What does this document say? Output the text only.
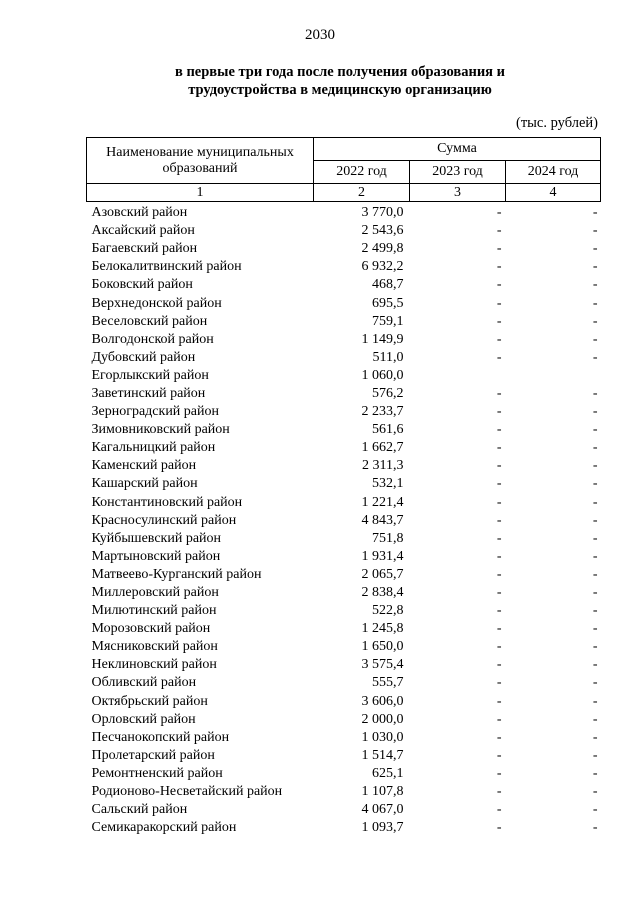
2030
в первые три года после получения образования и
трудоустройства в медицинскую организацию
(тыс. рублей)
Наименование муниципальных образований	Сумма		
	2022 год	2023 год	2024 год
1	2	3	4
Азовский район	3 770,0	-	-
Аксайский район	2 543,6	-	-
Багаевский район	2 499,8	-	-
Белокалитвинский район	6 932,2	-	-
Боковский район	468,7	-	-
Верхнедонской район	695,5	-	-
Веселовский район	759,1	-	-
Волгодонской район	1 149,9	-	-
Дубовский район	511,0	-	-
Егорлыкский район	1 060,0		
Заветинский район	576,2	-	-
Зерноградский район	2 233,7	-	-
Зимовниковский район	561,6	-	-
Кагальницкий район	1 662,7	-	-
Каменский район	2 311,3	-	-
Кашарский район	532,1	-	-
Константиновский район	1 221,4	-	-
Красносулинский район	4 843,7	-	-
Куйбышевский район	751,8	-	-
Мартыновский район	1 931,4	-	-
Матвеево-Курганский район	2 065,7	-	-
Миллеровский район	2 838,4	-	-
Милютинский район	522,8	-	-
Морозовский район	1 245,8	-	-
Мясниковский район	1 650,0	-	-
Неклиновский район	3 575,4	-	-
Обливский район	555,7	-	-
Октябрьский район	3 606,0	-	-
Орловский район	2 000,0	-	-
Песчанокопский район	1 030,0	-	-
Пролетарский район	1 514,7	-	-
Ремонтненский район	625,1	-	-
Родионово-Несветайский район	1 107,8	-	-
Сальский район	4 067,0	-	-
Семикаракорский район	1 093,7	-	-
